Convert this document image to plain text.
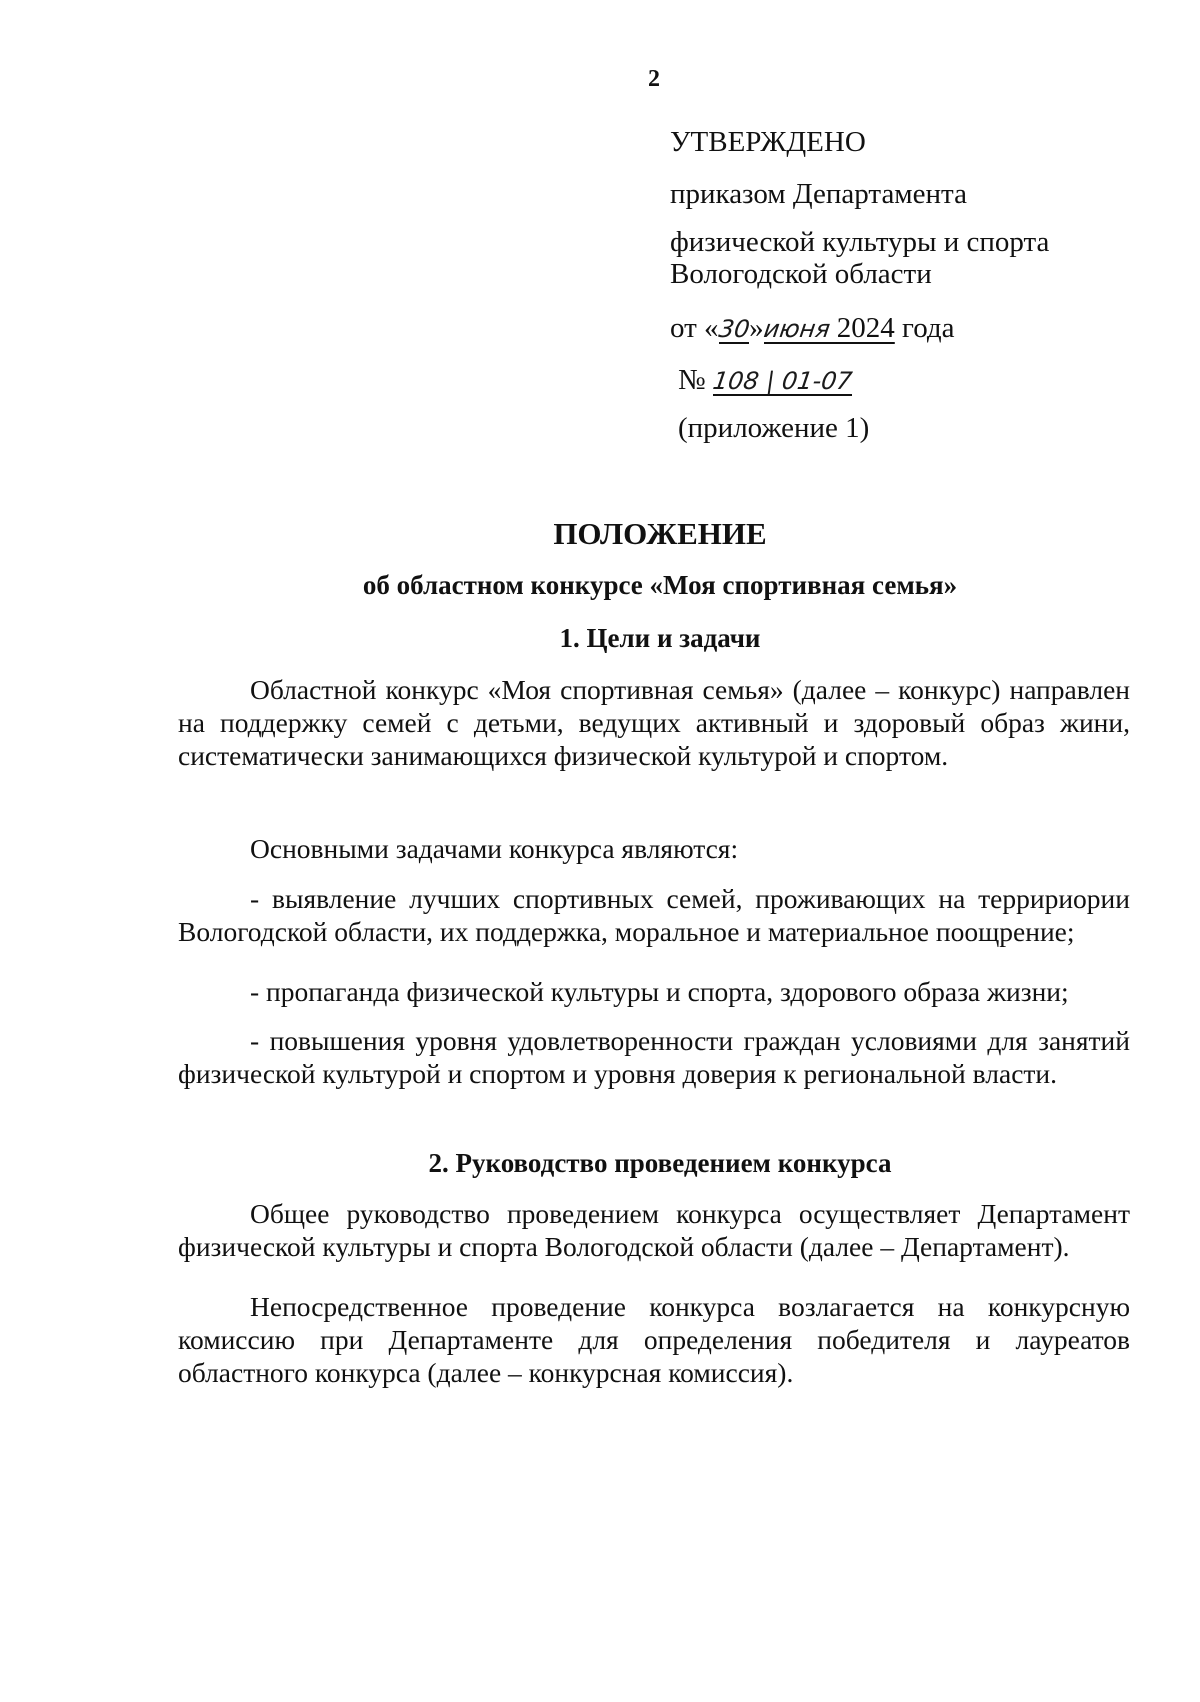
2
УТВЕРЖДЕНО
приказом Департамента
физической культуры и спорта
Вологодской области
от «30»июня 2024 года
№ 108 | 01-07
(приложение 1)
ПОЛОЖЕНИЕ
об областном конкурсе «Моя спортивная семья»
1. Цели и задачи
Областной конкурс «Моя спортивная семья» (далее – конкурс) направлен на поддержку семей с детьми, ведущих активный и здоровый образ жини, систематически занимающихся физической культурой и спортом.
Основными задачами конкурса являются:
- выявление лучших спортивных семей, проживающих на терририории Вологодской области, их поддержка, моральное и материальное поощрение;
- пропаганда физической культуры и спорта, здорового образа жизни;
- повышения уровня удовлетворенности граждан условиями для занятий физической культурой и спортом и уровня доверия к региональной власти.
2. Руководство проведением конкурса
Общее руководство проведением конкурса осуществляет Департамент физической культуры и спорта Вологодской области (далее – Департамент).
Непосредственное проведение конкурса возлагается на конкурсную комиссию при Департаменте для определения победителя и лауреатов областного конкурса (далее – конкурсная комиссия).
